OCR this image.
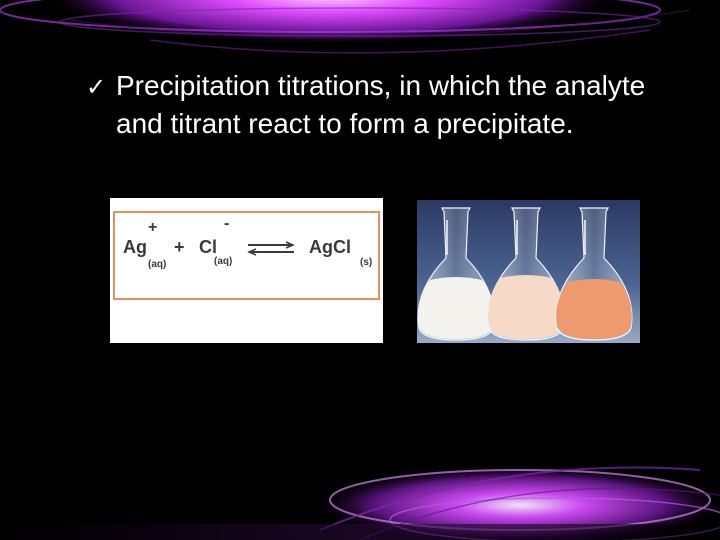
✓ Precipitation titrations, in which the analyte and titrant react to form a precipitate.
+
Ag
(aq)
+
-
Cl
(aq)
⇌ AgCl
(s)
